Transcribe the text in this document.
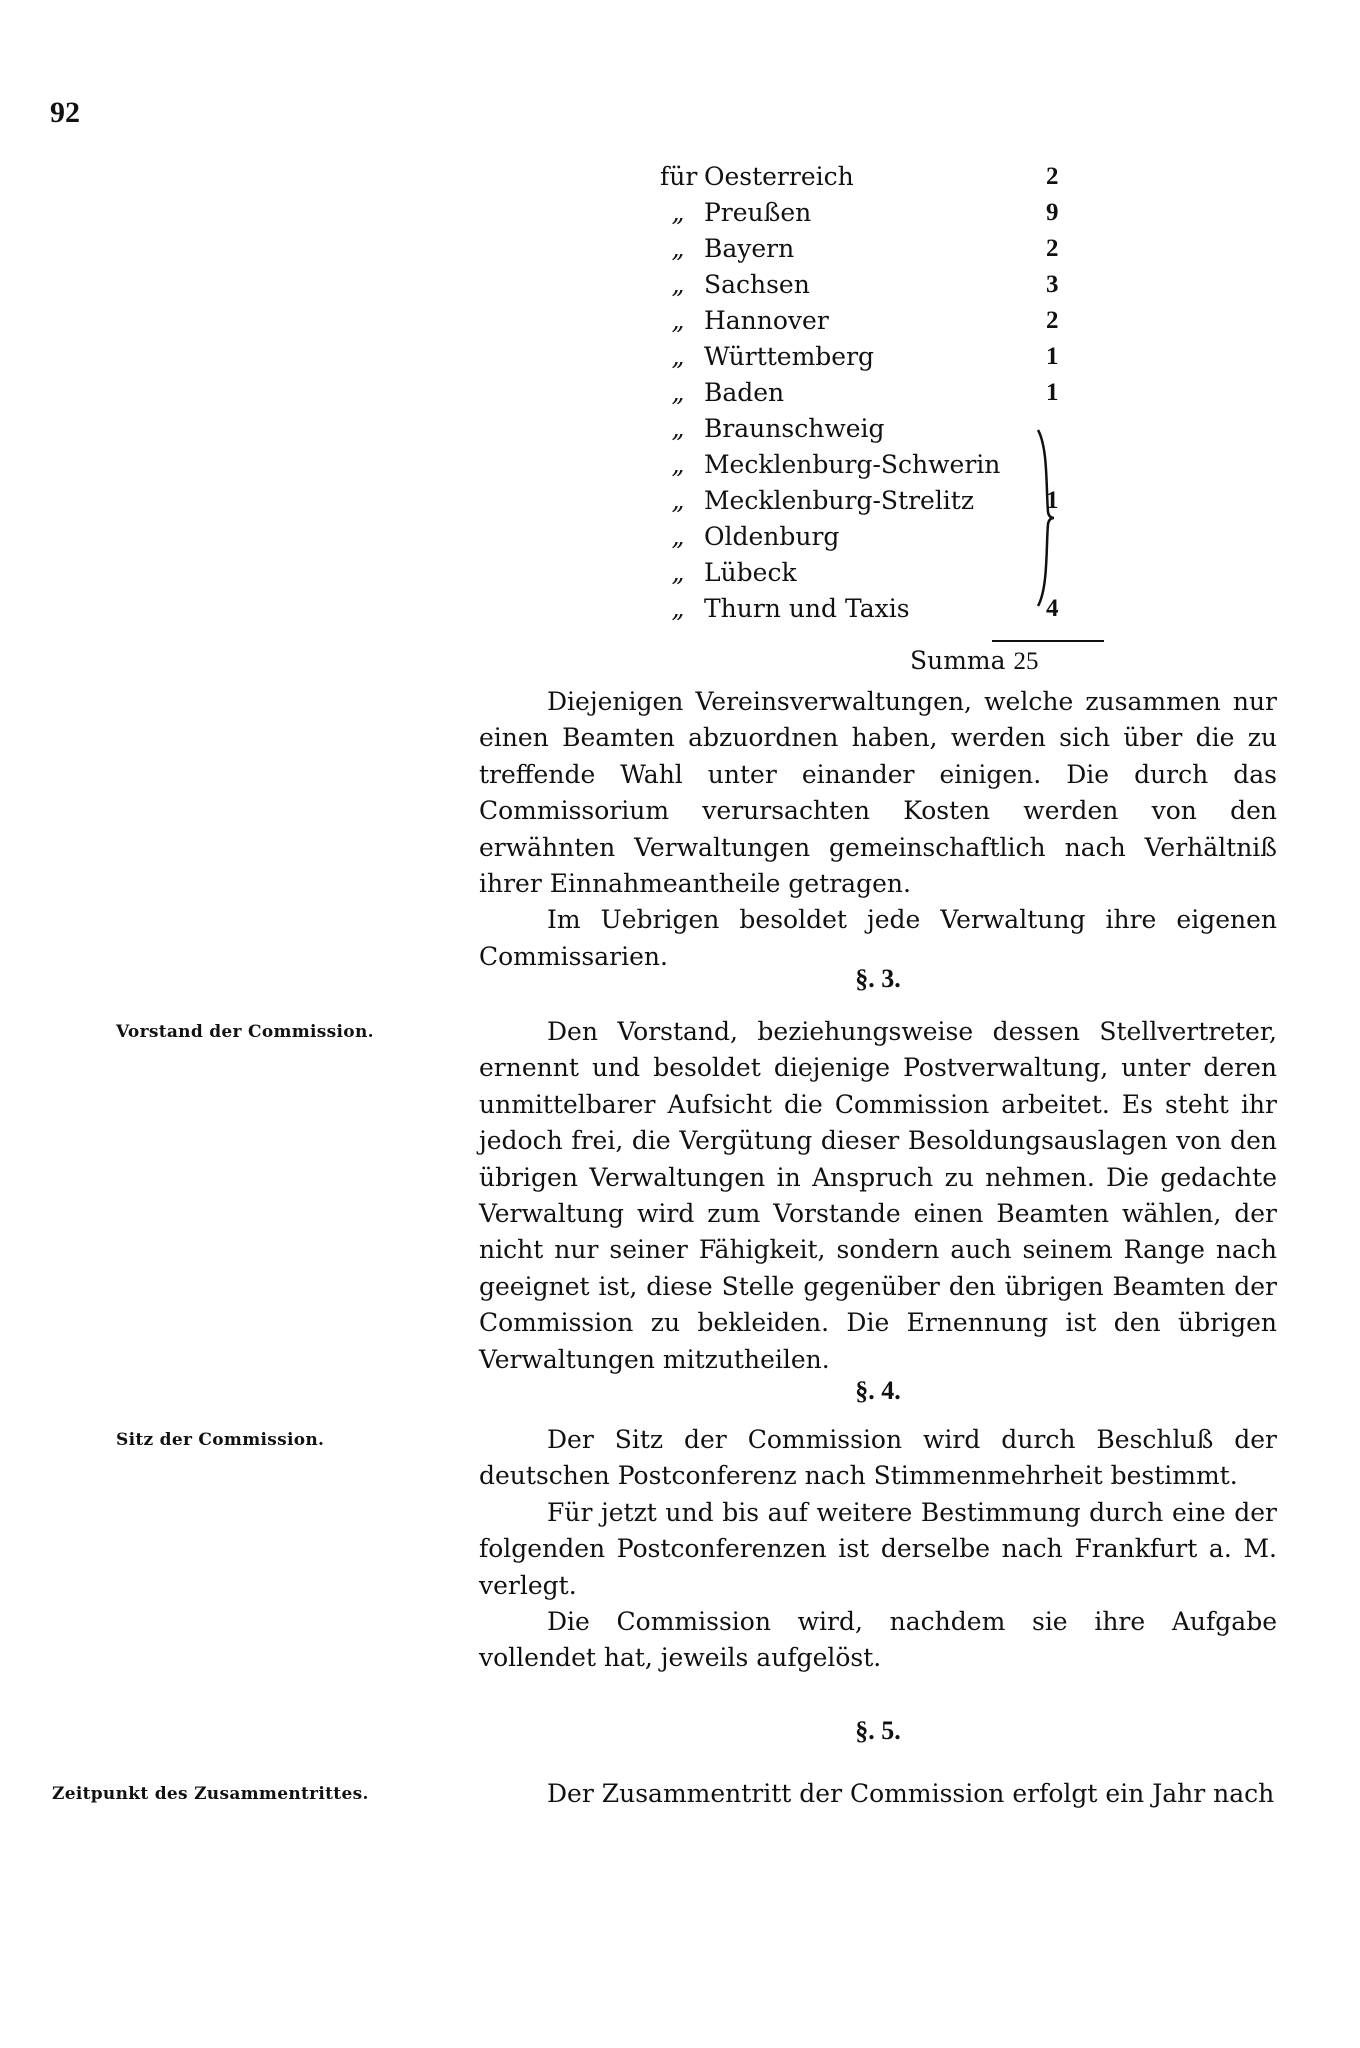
92
für Oesterreich	2
„ Preußen	9
„ Bayern	2
„ Sachsen	3
„ Hannover	2
„ Württemberg	1
„ Baden	1
„ Braunschweig
„ Mecklenburg-Schwerin
„ Mecklenburg-Strelitz	1
„ Oldenburg
„ Lübeck
„ Thurn und Taxis	4
Summa 25

Diejenigen Vereinsverwaltungen, welche zusammen nur einen Beamten abzuordnen haben, werden sich über die zu treffende Wahl unter einander einigen. Die durch das Commissorium verursachten Kosten werden von den erwähnten Verwaltungen gemeinschaftlich nach Verhältniß ihrer Einnahmeantheile getragen.

Im Uebrigen besoldet jede Verwaltung ihre eigenen Commissarien.

§. 3.
Vorstand der Commission.	Den Vorstand, beziehungsweise dessen Stellvertreter, ernennt und besoldet diejenige Postverwaltung, unter deren unmittelbarer Aufsicht die Commission arbeitet. Es steht ihr jedoch frei, die Vergütung dieser Besoldungsauslagen von den übrigen Verwaltungen in Anspruch zu nehmen. Die gedachte Verwaltung wird zum Vorstande einen Beamten wählen, der nicht nur seiner Fähigkeit, sondern auch seinem Range nach geeignet ist, diese Stelle gegenüber den übrigen Beamten der Commission zu bekleiden. Die Ernennung ist den übrigen Verwaltungen mitzutheilen.

§. 4.
Sitz der Commission.	Der Sitz der Commission wird durch Beschluß der deutschen Postconferenz nach Stimmenmehrheit bestimmt.

Für jetzt und bis auf weitere Bestimmung durch eine der folgenden Postconferenzen ist derselbe nach Frankfurt a. M. verlegt.

Die Commission wird, nachdem sie ihre Aufgabe vollendet hat, jeweils aufgelöst.

§. 5.
Zeitpunkt des Zusammentrittes.	Der Zusammentritt der Commission erfolgt ein Jahr nach
